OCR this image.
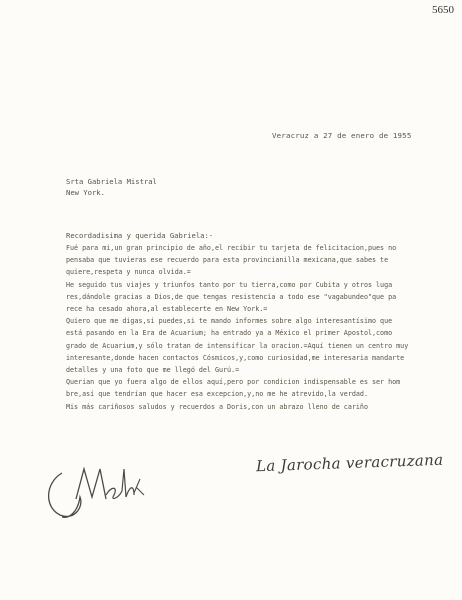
5650
Veracruz a 27 de enero de 1955
Srta Gabriela Mistral
New York.
Recordadisima y querida Gabriela:-
Fué para mi,un gran principio de año,el recibir tu tarjeta de felicitacion,pues no
pensaba que tuvieras ese recuerdo para esta provincianilla mexicana,que sabes te
quiere,respeta y nunca olvida.=
He seguido tus viajes y triunfos tanto por tu tierra,como por Cubita y otros luga
res,dándole gracias a Dios,de que tengas resistencia a todo ese "vagabundeo"que pa
rece ha cesado ahora,al establecerte en New York.=
Quiero que me digas,si puedes,si te mando informes sobre algo interesantísimo que
está pasando en la Era de Acuarium; ha entrado ya a México el primer Apostol,como
grado de Acuarium,y sólo tratan de intensificar la oracion.=Aquí tienen un centro muy
interesante,donde hacen contactos Cósmicos,y,como curiosidad,me interesaria mandarte
detalles y una foto que me llegó del Gurú.=
Querian que yo fuera algo de ellos aquí,pero por condicion indispensable es ser hom
bre,así que tendrían que hacer esa excepcion,y,no me he atrevido,la verdad.
Mis más cariñosos saludos y recuerdos a Doris,con un abrazo lleno de cariño
La Jarocha veracruzana
